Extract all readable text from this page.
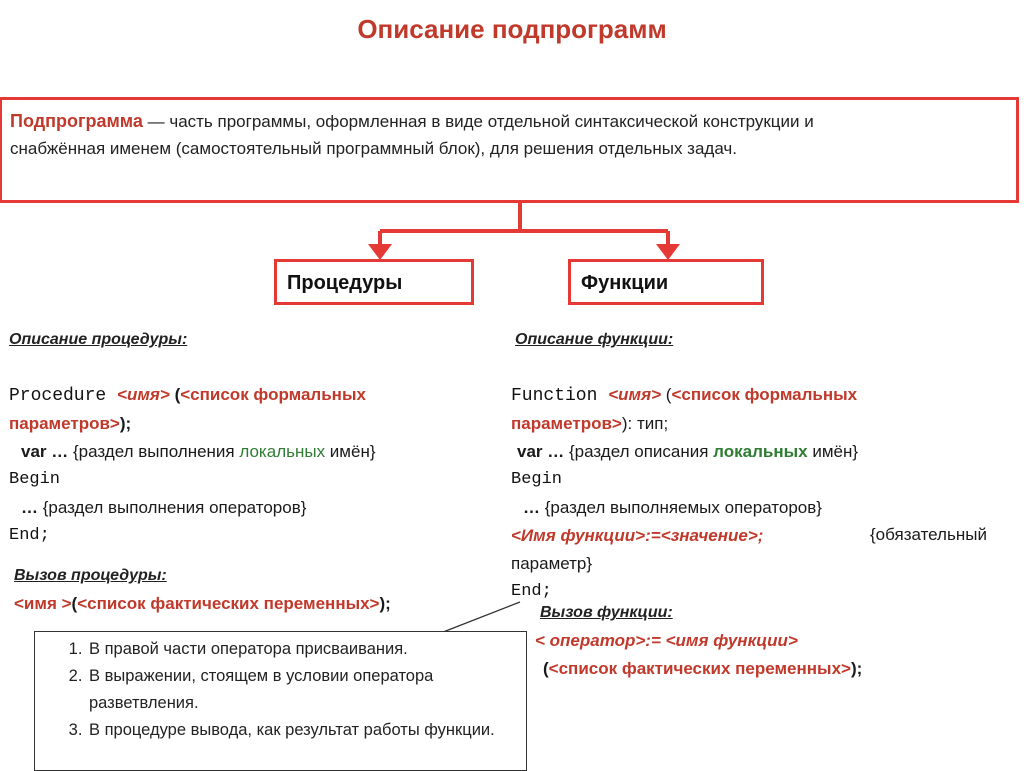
Описание подпрограмм
Подпрограмма — часть программы, оформленная в виде отдельной синтаксической конструкции и
снабжённая именем (самостоятельный программный блок), для решения отдельных задач.
Процедуры	Функции
Описание процедуры:
Procedure <имя> (<список формальных
параметров>);
var … {раздел выполнения локальных имён}
Begin
… {раздел выполнения операторов}
End;
Вызов процедуры:
<имя >(<список фактических переменных>);
Описание функции:
Function <имя> (<список формальных
параметров>): тип;
var … {раздел описания локальных имён}
Begin
… {раздел выполняемых операторов}
<Имя функции>:=<значение>;
параметр}
End;
{обязательный
Вызов функции:
< оператор>:= <имя функции>
(<список фактических переменных>);
1. В правой части оператора присваивания.
2. В выражении, стоящем в условии оператора разветвления.
3. В процедуре вывода, как результат работы функции.
